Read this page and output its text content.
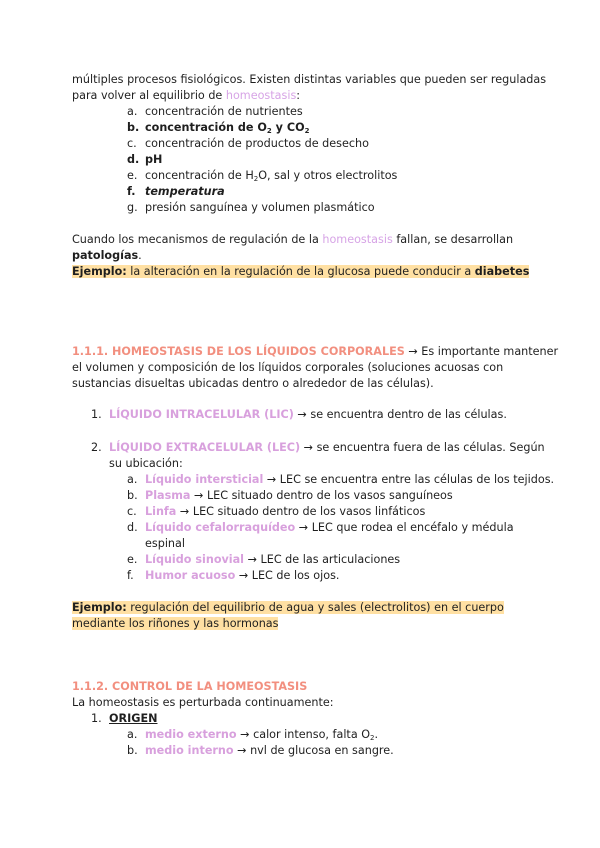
múltiples procesos fisiológicos. Existen distintas variables que pueden ser reguladas
para volver al equilibrio de homeostasis:
a. concentración de nutrientes
b. concentración de $O_2$ y $CO_2$
c. concentración de productos de desecho
d. pH
e. concentración de $H_2O$, sal y otros electrolitos
f. temperatura
g. presión sanguínea y volumen plasmático
Cuando los mecanismos de regulación de la homeostasis fallan, se desarrollan
patologías.
Ejemplo: la alteración en la regulación de la glucosa puede conducir a diabetes
1.1.1. HOMEOSTASIS DE LOS LÍQUIDOS CORPORALES → Es importante mantener
el volumen y composición de los líquidos corporales (soluciones acuosas con
sustancias disueltas ubicadas dentro o alrededor de las células).
1. LÍQUIDO INTRACELULAR (LIC) → se encuentra dentro de las células.
2. LÍQUIDO EXTRACELULAR (LEC) → se encuentra fuera de las células. Según
su ubicación:
a. Líquido intersticial → LEC se encuentra entre las células de los tejidos.
b. Plasma → LEC situado dentro de los vasos sanguíneos
c. Linfa → LEC situado dentro de los vasos linfáticos
d. Líquido cefalorraquídeo → LEC que rodea el encéfalo y médula
espinal
e. Líquido sinovial → LEC de las articulaciones
f. Humor acuoso → LEC de los ojos.
Ejemplo: regulación del equilibrio de agua y sales (electrolitos) en el cuerpo
mediante los riñones y las hormonas
1.1.2. CONTROL DE LA HOMEOSTASIS
La homeostasis es perturbada continuamente:
1. ORIGEN
a. medio externo → calor intenso, falta $O_2$.
b. medio interno → nvl de glucosa en sangre.
